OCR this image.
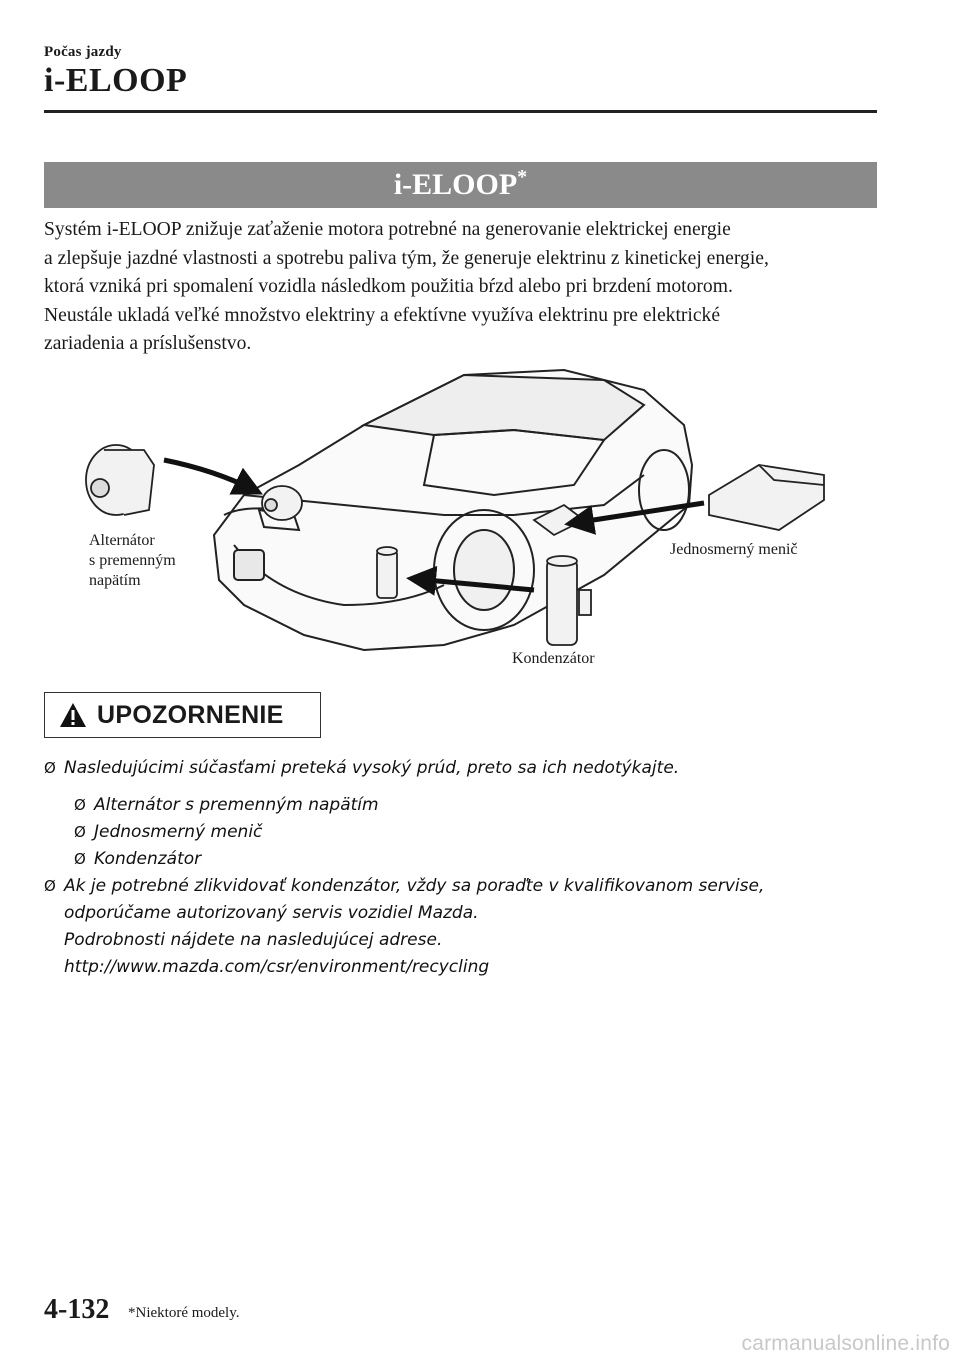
Počas jazdy
i-ELOOP
i-ELOOP*

Systém i-ELOOP znižuje zaťaženie motora potrebné na generovanie elektrickej energie

a zlepšuje jazdné vlastnosti a spotrebu paliva tým, že generuje elektrinu z kinetickej energie,

ktorá vzniká pri spomalení vozidla následkom použitia bŕzd alebo pri brzdení motorom.

Neustále ukladá veľké množstvo elektriny a efektívne využíva elektrinu pre elektrické

zariadenia a príslušenstvo.

Alternátor
s premenným
napätím
Jednosmerný menič
Kondenzátor
UPOZORNENIE
Ø Nasledujúcimi súčasťami preteká vysoký prúd, preto sa ich nedotýkajte.
Ø Alternátor s premenným napätím
Ø Jednosmerný menič
Ø Kondenzátor
Ø Ak je potrebné zlikvidovať kondenzátor, vždy sa poraďte v kvalifikovanom servise,
odporúčame autorizovaný servis vozidiel Mazda.
Podrobnosti nájdete na nasledujúcej adrese.
http://www.mazda.com/csr/environment/recycling
4-132 *Niektoré modely.
carmanualsonline.info
